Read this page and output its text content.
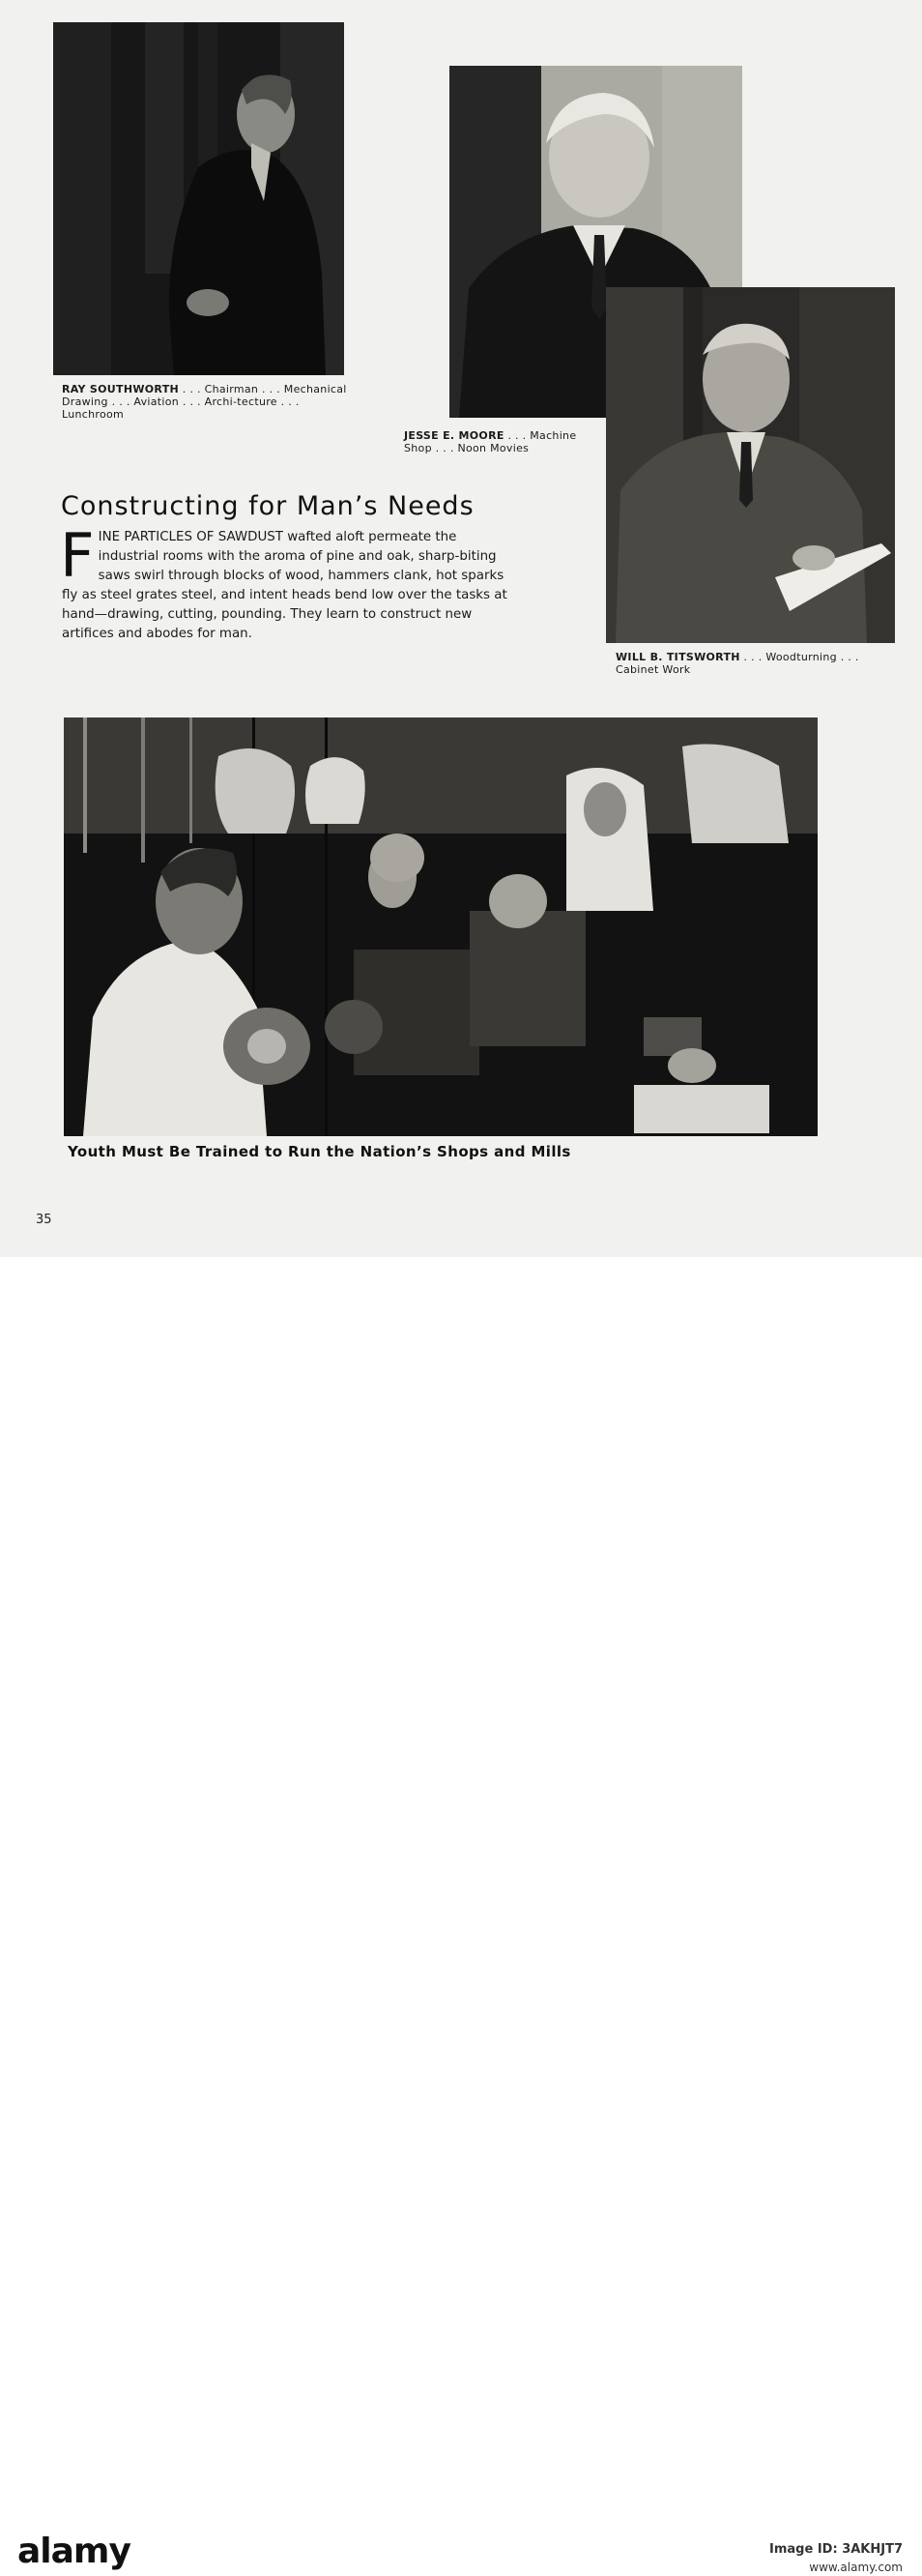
RAY SOUTHWORTH . . . Chairman . . . Mechanical Drawing . . . Aviation . . . Archi-tecture . . . Lunchroom
JESSE E. MOORE . . . Machine Shop . . . Noon Movies
WILL B. TITSWORTH . . . Woodturning . . . Cabinet Work
Constructing for Man’s Needs
FINE PARTICLES OF SAWDUST wafted aloft permeate the industrial rooms with the aroma of pine and oak, sharp-biting saws swirl through blocks of wood, hammers clank, hot sparks fly as steel grates steel, and intent heads bend low over the tasks at hand—drawing, cutting, pounding. They learn to construct new artifices and abodes for man.
Youth Must Be Trained to Run the Nation’s Shops and Mills
35
alamy	Image ID: 3AKHJT7
www.alamy.com
